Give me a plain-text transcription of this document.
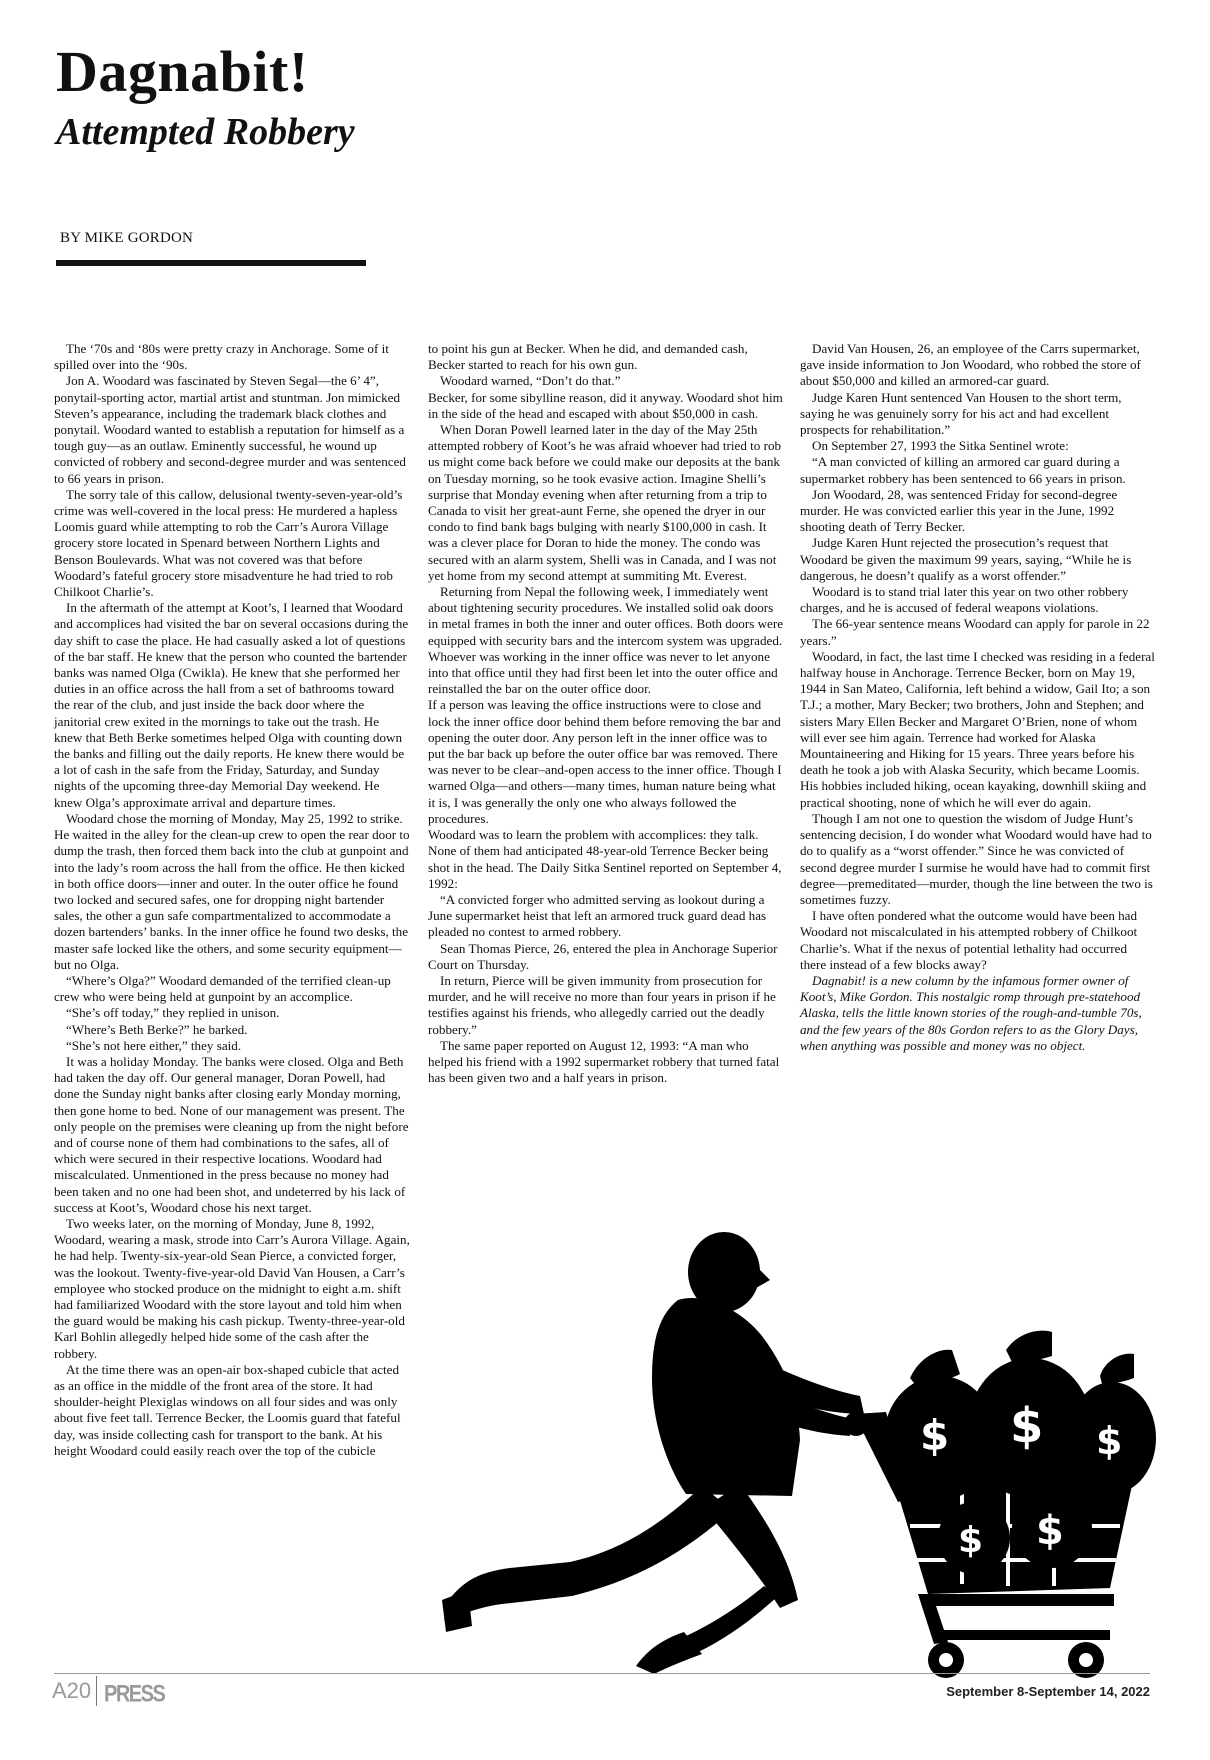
Dagnabit!
Attempted Robbery
BY MIKE GORDON

The ‘70s and ‘80s were pretty crazy in Anchorage. Some of it spilled over into the ‘90s.

Jon A. Woodard was fascinated by Steven Segal—the 6’ 4”, ponytail-sporting actor, martial artist and stuntman. Jon mimicked Steven’s appearance, including the trademark black clothes and ponytail. Woodard wanted to establish a reputation for himself as a tough guy—as an outlaw. Eminently successful, he wound up convicted of robbery and second-degree murder and was sentenced to 66 years in prison.

The sorry tale of this callow, delusional twenty-seven-year-old’s crime was well-covered in the local press: He murdered a hapless Loomis guard while attempting to rob the Carr’s Aurora Village grocery store located in Spenard between Northern Lights and Benson Boulevards. What was not covered was that before Woodard’s fateful grocery store misadventure he had tried to rob Chilkoot Charlie’s.

In the aftermath of the attempt at Koot’s, I learned that Woodard and accomplices had visited the bar on several occasions during the day shift to case the place. He had casually asked a lot of questions of the bar staff. He knew that the person who counted the bartender banks was named Olga (Cwikla). He knew that she performed her duties in an office across the hall from a set of bathrooms toward the rear of the club, and just inside the back door where the janitorial crew exited in the mornings to take out the trash. He knew that Beth Berke sometimes helped Olga with counting down the banks and filling out the daily reports. He knew there would be a lot of cash in the safe from the Friday, Saturday, and Sunday nights of the upcoming three-day Memorial Day weekend. He knew Olga’s approximate arrival and departure times.

Woodard chose the morning of Monday, May 25, 1992 to strike. He waited in the alley for the clean-up crew to open the rear door to dump the trash, then forced them back into the club at gunpoint and into the lady’s room across the hall from the office. He then kicked in both office doors—inner and outer. In the outer office he found two locked and secured safes, one for dropping night bartender sales, the other a gun safe compartmentalized to accommodate a dozen bartenders’ banks. In the inner office he found two desks, the master safe locked like the others, and some security equipment—but no Olga.

“Where’s Olga?” Woodard demanded of the terrified clean-up crew who were being held at gunpoint by an accomplice.

“She’s off today,” they replied in unison.

“Where’s Beth Berke?” he barked.

“She’s not here either,” they said.

It was a holiday Monday. The banks were closed. Olga and Beth had taken the day off. Our general manager, Doran Powell, had done the Sunday night banks after closing early Monday morning, then gone home to bed. None of our management was present. The only people on the premises were cleaning up from the night before and of course none of them had combinations to the safes, all of which were secured in their respective locations. Woodard had miscalculated. Unmentioned in the press because no money had been taken and no one had been shot, and undeterred by his lack of success at Koot’s, Woodard chose his next target.

Two weeks later, on the morning of Monday, June 8, 1992, Woodard, wearing a mask, strode into Carr’s Aurora Village. Again, he had help. Twenty-six-year-old Sean Pierce, a convicted forger, was the lookout. Twenty-five-year-old David Van Housen, a Carr’s employee who stocked produce on the midnight to eight a.m. shift had familiarized Woodard with the store layout and told him when the guard would be making his cash pickup. Twenty-three-year-old Karl Bohlin allegedly helped hide some of the cash after the robbery.

At the time there was an open-air box-shaped cubicle that acted as an office in the middle of the front area of the store. It had shoulder-height Plexiglas windows on all four sides and was only about five feet tall. Terrence Becker, the Loomis guard that fateful day, was inside collecting cash for transport to the bank. At his height Woodard could easily reach over the top of the cubicle

to point his gun at Becker. When he did, and demanded cash, Becker started to reach for his own gun.

Woodard warned, “Don’t do that.”

Becker, for some sibylline reason, did it anyway. Woodard shot him in the side of the head and escaped with about $50,000 in cash.

When Doran Powell learned later in the day of the May 25th attempted robbery of Koot’s he was afraid whoever had tried to rob us might come back before we could make our deposits at the bank on Tuesday morning, so he took evasive action. Imagine Shelli’s surprise that Monday evening when after returning from a trip to Canada to visit her great-aunt Ferne, she opened the dryer in our condo to find bank bags bulging with nearly $100,000 in cash. It was a clever place for Doran to hide the money. The condo was secured with an alarm system, Shelli was in Canada, and I was not yet home from my second attempt at summiting Mt. Everest.

Returning from Nepal the following week, I immediately went about tightening security procedures. We installed solid oak doors in metal frames in both the inner and outer offices. Both doors were equipped with security bars and the intercom system was upgraded. Whoever was working in the inner office was never to let anyone into that office until they had first been let into the outer office and reinstalled the bar on the outer office door.

If a person was leaving the office instructions were to close and lock the inner office door behind them before removing the bar and opening the outer door. Any person left in the inner office was to put the bar back up before the outer office bar was removed. There was never to be clear–and-open access to the inner office. Though I warned Olga—and others—many times, human nature being what it is, I was generally the only one who always followed the procedures.

Woodard was to learn the problem with accomplices: they talk. None of them had anticipated 48-year-old Terrence Becker being shot in the head. The Daily Sitka Sentinel reported on September 4, 1992:

“A convicted forger who admitted serving as lookout during a June supermarket heist that left an armored truck guard dead has pleaded no contest to armed robbery.

Sean Thomas Pierce, 26, entered the plea in Anchorage Superior Court on Thursday.

In return, Pierce will be given immunity from prosecution for murder, and he will receive no more than four years in prison if he testifies against his friends, who allegedly carried out the deadly robbery.”

The same paper reported on August 12, 1993: “A man who helped his friend with a 1992 supermarket robbery that turned fatal has been given two and a half years in prison.

David Van Housen, 26, an employee of the Carrs supermarket, gave inside information to Jon Woodard, who robbed the store of about $50,000 and killed an armored-car guard.

Judge Karen Hunt sentenced Van Housen to the short term, saying he was genuinely sorry for his act and had excellent prospects for rehabilitation.”

On September 27, 1993 the Sitka Sentinel wrote:

“A man convicted of killing an armored car guard during a supermarket robbery has been sentenced to 66 years in prison.

Jon Woodard, 28, was sentenced Friday for second-degree murder. He was convicted earlier this year in the June, 1992 shooting death of Terry Becker.

Judge Karen Hunt rejected the prosecution’s request that Woodard be given the maximum 99 years, saying, “While he is dangerous, he doesn’t qualify as a worst offender.”

Woodard is to stand trial later this year on two other robbery charges, and he is accused of federal weapons violations.

The 66-year sentence means Woodard can apply for parole in 22 years.”

Woodard, in fact, the last time I checked was residing in a federal halfway house in Anchorage. Terrence Becker, born on May 19, 1944 in San Mateo, California, left behind a widow, Gail Ito; a son T.J.; a mother, Mary Becker; two brothers, John and Stephen; and sisters Mary Ellen Becker and Margaret O’Brien, none of whom will ever see him again. Terrence had worked for Alaska Mountaineering and Hiking for 15 years. Three years before his death he took a job with Alaska Security, which became Loomis. His hobbies included hiking, ocean kayaking, downhill skiing and practical shooting, none of which he will ever do again.

Though I am not one to question the wisdom of Judge Hunt’s sentencing decision, I do wonder what Woodard would have had to do to qualify as a “worst offender.” Since he was convicted of second degree murder I surmise he would have had to commit first degree—premeditated—murder, though the line between the two is sometimes fuzzy.

I have often pondered what the outcome would have been had Woodard not miscalculated in his attempted robbery of Chilkoot Charlie’s. What if the nexus of potential lethality had occurred there instead of a few blocks away?

Dagnabit! is a new column by the infamous former owner of Koot’s, Mike Gordon. This nostalgic romp through pre-statehood Alaska, tells the little known stories of the rough-and-tumble 70s, and the few years of the 80s Gordon refers to as the Glory Days, when anything was possible and money was no object.

$ $ $
$ $
A20 PRESS	September 8-September 14, 2022
